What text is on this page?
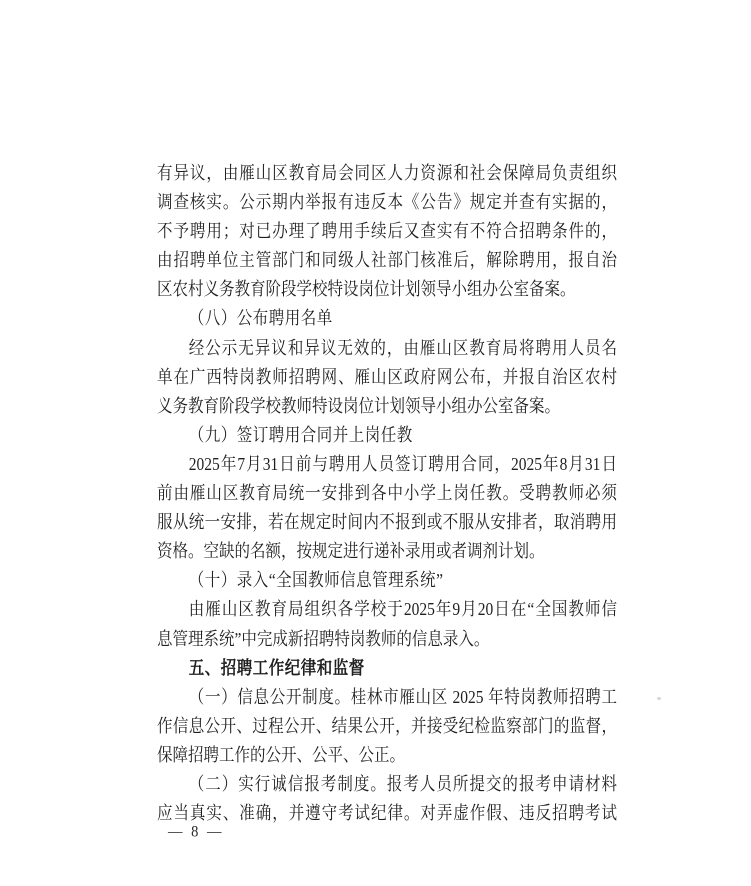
有异议，由雁山区教育局会同区人力资源和社会保障局负责组织
调查核实。公示期内举报有违反本《公告》规定并查有实据的，
不予聘用；对已办理了聘用手续后又查实有不符合招聘条件的，
由招聘单位主管部门和同级人社部门核准后，解除聘用，报自治
区农村义务教育阶段学校特设岗位计划领导小组办公室备案。
（八）公布聘用名单
经公示无异议和异议无效的，由雁山区教育局将聘用人员名
单在广西特岗教师招聘网、雁山区政府网公布，并报自治区农村
义务教育阶段学校教师特设岗位计划领导小组办公室备案。
（九）签订聘用合同并上岗任教
2025年7月31日前与聘用人员签订聘用合同，2025年8月31日
前由雁山区教育局统一安排到各中小学上岗任教。受聘教师必须
服从统一安排，若在规定时间内不报到或不服从安排者，取消聘用
资格。空缺的名额，按规定进行递补录用或者调剂计划。
（十）录入“全国教师信息管理系统”
由雁山区教育局组织各学校于2025年9月20日在“全国教师信
息管理系统”中完成新招聘特岗教师的信息录入。
五、招聘工作纪律和监督
（一）信息公开制度。桂林市雁山区 2025 年特岗教师招聘工
作信息公开、过程公开、结果公开，并接受纪检监察部门的监督，
保障招聘工作的公开、公平、公正。
（二）实行诚信报考制度。报考人员所提交的报考申请材料
应当真实、准确，并遵守考试纪律。对弄虚作假、违反招聘考试
— 8 —
